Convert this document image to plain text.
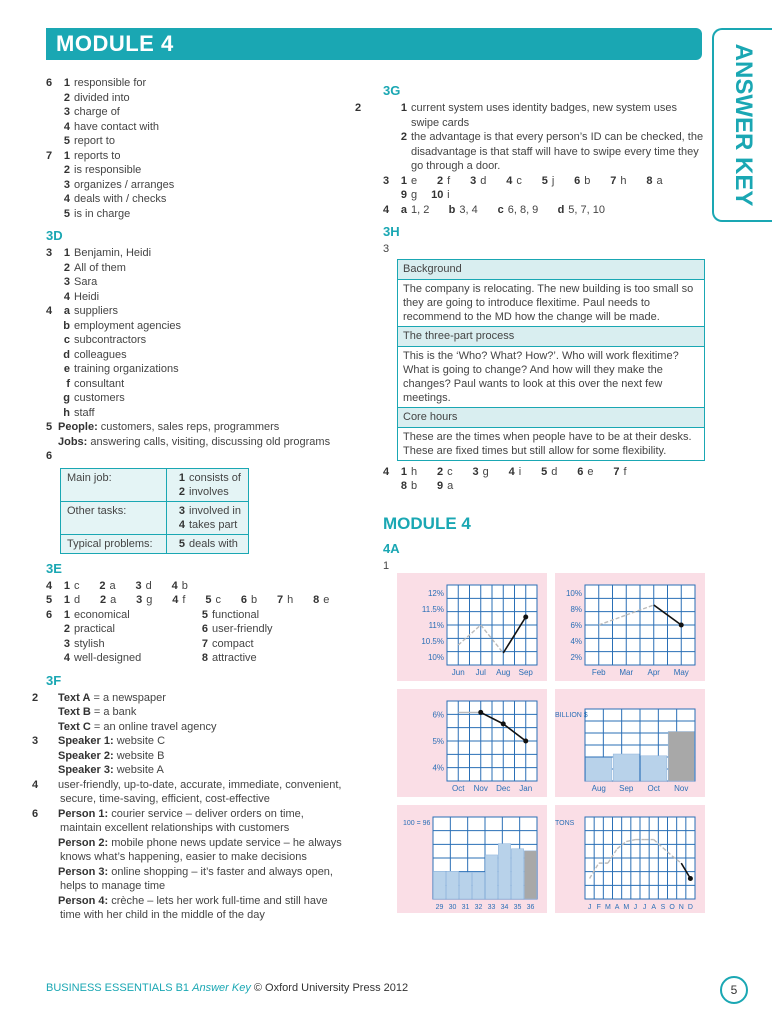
MODULE 4
ANSWER KEY
6 1 responsible for
2 divided into
3 charge of
4 have contact with
5 report to
7 1 reports to
2 is responsible
3 organizes / arranges
4 deals with / checks
5 is in charge
3D
3 1 Benjamin, Heidi
2 All of them
3 Sara
4 Heidi
4 a suppliers
b employment agencies
c subcontractors
d colleagues
e training organizations
f consultant
g customers
h staff
5 People: customers, sales reps, programmers
Jobs: answering calls, visiting, discussing old programs
6
Main job:	1 consists of
2 involves

Other tasks:	3 involved in
4 takes part

Typical problems:	5 deals with
3E
4 1 c 2 a 3 d 4 b
5 1 d 2 a 3 g 4 f 5 c 6 b 7 h 8 e
6 1 economical	5 functional
2 practical	6 user-friendly
3 stylish	7 compact
4 well-designed	8 attractive
3F
2 Text A = a newspaper
Text B = a bank
Text C = an online travel agency
3 Speaker 1: website C
Speaker 2: website B
Speaker 3: website A
4 user-friendly, up-to-date, accurate, immediate, convenient, secure, time-saving, efficient, cost-effective
6 Person 1: courier service – deliver orders on time, maintain excellent relationships with customers
Person 2: mobile phone news update service – he always knows what’s happening, easier to make decisions
Person 3: online shopping – it’s faster and always open, helps to manage time
Person 4: crèche – lets her work full-time and still have time with her child in the middle of the day
3G
2	1 current system uses identity badges, new system uses swipe cards
2 the advantage is that every person’s ID can be checked, the disadvantage is that staff will have to swipe every time they go through a door.
3 1 e 2 f 3 d 4 c 5 j 6 b 7 h 8 a
9 g 10 i
4 a 1, 2 b 3, 4 c 6, 8, 9 d 5, 7, 10
3H
3
Background
The company is relocating. The new building is too small so they are going to introduce flexitime. Paul needs to recommend to the MD how the change will be made.
The three-part process
This is the ‘Who? What? How?’. Who will work flexitime? What is going to change? And how will they make the changes? Paul wants to look at this over the next few meetings.
Core hours
These are the times when people have to be at their desks. These are fixed times but still allow for some flexibility.
4 1 h 2 c 3 g 4 i 5 d 6 e 7 f
8 b 9 a
MODULE 4
4A
1
Jun Jul Aug Sep
12%
11.5%
11%
10.5%
10%
Feb Mar Apr May
10%
8%
6%
4%
2%
Oct Nov Dec Jan
6%
5%
4%
Aug Sep Oct Nov
BILLION $
29 30 31 32 33 34 35 36
100 = 96
J F M A M J J A S O N D
TONS
BUSINESS ESSENTIALS B1 Answer Key © Oxford University Press 2012	5
